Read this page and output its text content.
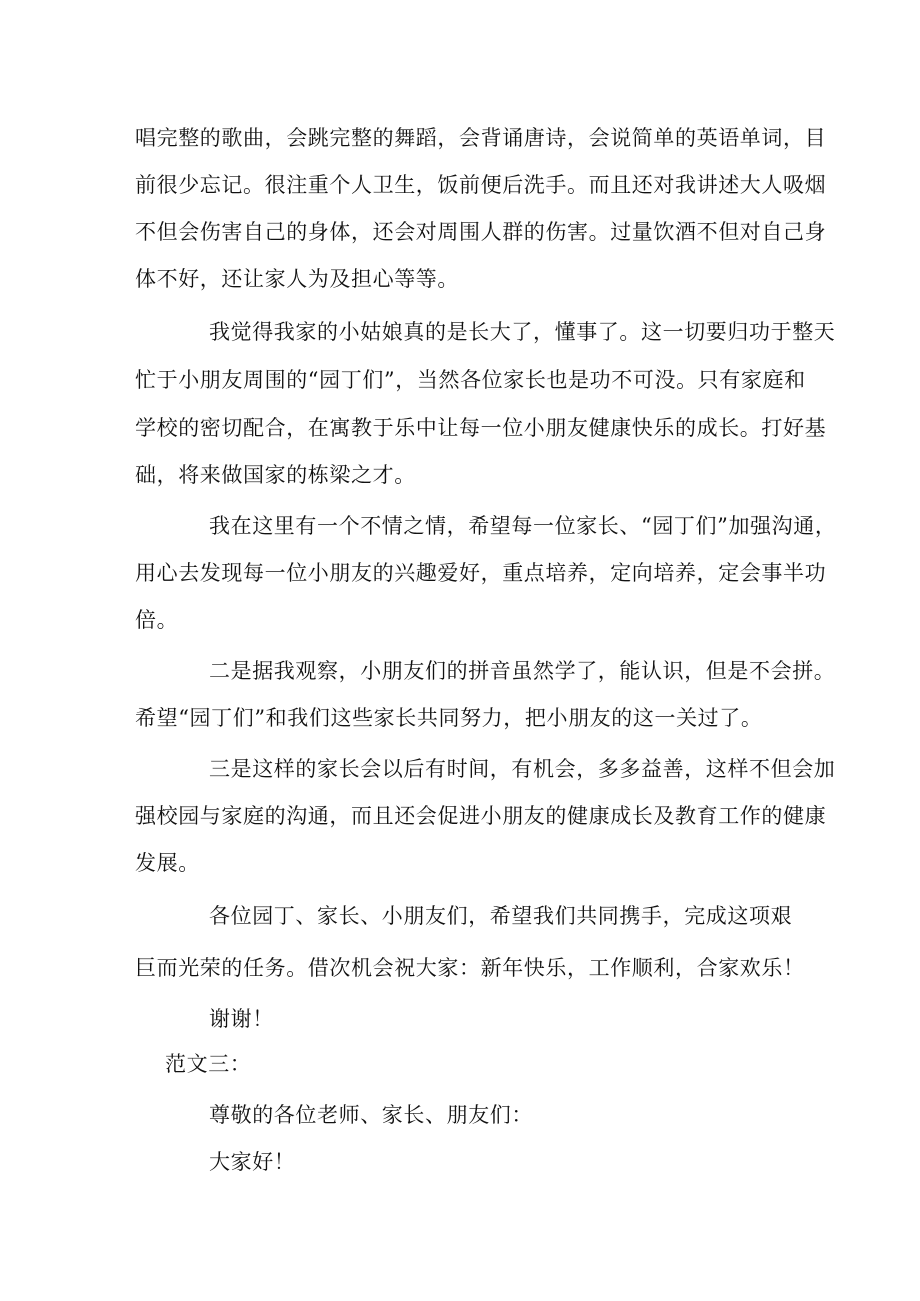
唱完整的歌曲，会跳完整的舞蹈，会背诵唐诗，会说简单的英语单词，目
前很少忘记。很注重个人卫生，饭前便后洗手。而且还对我讲述大人吸烟
不但会伤害自己的身体，还会对周围人群的伤害。过量饮酒不但对自己身
体不好，还让家人为及担心等等。
我觉得我家的小姑娘真的是长大了，懂事了。这一切要归功于整天
忙于小朋友周围的“园丁们”，当然各位家长也是功不可没。只有家庭和
学校的密切配合，在寓教于乐中让每一位小朋友健康快乐的成长。打好基
础，将来做国家的栋梁之才。
我在这里有一个不情之情，希望每一位家长、“园丁们”加强沟通，
用心去发现每一位小朋友的兴趣爱好，重点培养，定向培养，定会事半功
倍。
二是据我观察，小朋友们的拼音虽然学了，能认识，但是不会拼。
希望“园丁们”和我们这些家长共同努力，把小朋友的这一关过了。
三是这样的家长会以后有时间，有机会，多多益善，这样不但会加
强校园与家庭的沟通，而且还会促进小朋友的健康成长及教育工作的健康
发展。
各位园丁、家长、小朋友们，希望我们共同携手，完成这项艰
巨而光荣的任务。借次机会祝大家：新年快乐，工作顺利，合家欢乐！
谢谢！
范文三：
尊敬的各位老师、家长、朋友们：
大家好！
